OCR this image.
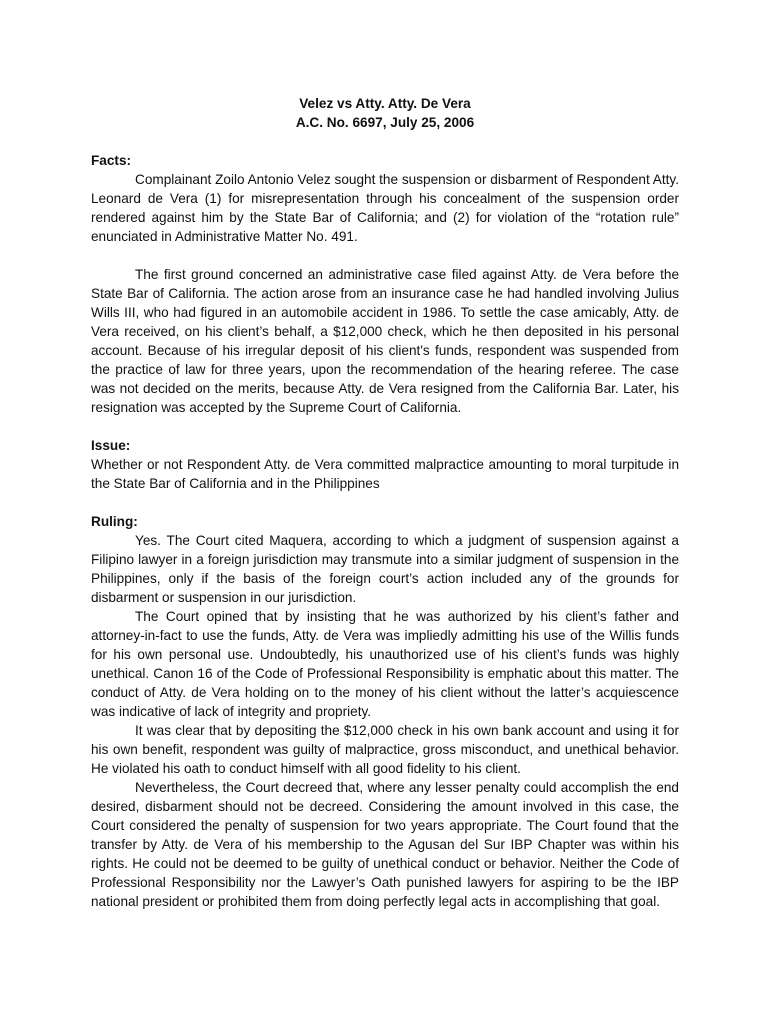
Velez vs Atty. Atty. De Vera
A.C. No. 6697, July 25, 2006
Facts:

Complainant Zoilo Antonio Velez sought the suspension or disbarment of Respondent Atty. Leonard de Vera (1) for misrepresentation through his concealment of the suspension order rendered against him by the State Bar of California; and (2) for violation of the “rotation rule” enunciated in Administrative Matter No. 491.

The first ground concerned an administrative case filed against Atty. de Vera before the State Bar of California. The action arose from an insurance case he had handled involving Julius Wills III, who had figured in an automobile accident in 1986. To settle the case amicably, Atty. de Vera received, on his client’s behalf, a $12,000 check, which he then deposited in his personal account. Because of his irregular deposit of his client's funds, respondent was suspended from the practice of law for three years, upon the recommendation of the hearing referee. The case was not decided on the merits, because Atty. de Vera resigned from the California Bar. Later, his resignation was accepted by the Supreme Court of California.

Issue:

Whether or not Respondent Atty. de Vera committed malpractice amounting to moral turpitude in the State Bar of California and in the Philippines

Ruling:

Yes. The Court cited Maquera, according to which a judgment of suspension against a Filipino lawyer in a foreign jurisdiction may transmute into a similar judgment of suspension in the Philippines, only if the basis of the foreign court’s action included any of the grounds for disbarment or suspension in our jurisdiction.

The Court opined that by insisting that he was authorized by his client’s father and attorney-in-fact to use the funds, Atty. de Vera was impliedly admitting his use of the Willis funds for his own personal use. Undoubtedly, his unauthorized use of his client’s funds was highly unethical. Canon 16 of the Code of Professional Responsibility is emphatic about this matter. The conduct of Atty. de Vera holding on to the money of his client without the latter’s acquiescence was indicative of lack of integrity and propriety.

It was clear that by depositing the $12,000 check in his own bank account and using it for his own benefit, respondent was guilty of malpractice, gross misconduct, and unethical behavior. He violated his oath to conduct himself with all good fidelity to his client.

Nevertheless, the Court decreed that, where any lesser penalty could accomplish the end desired, disbarment should not be decreed. Considering the amount involved in this case, the Court considered the penalty of suspension for two years appropriate. The Court found that the transfer by Atty. de Vera of his membership to the Agusan del Sur IBP Chapter was within his rights. He could not be deemed to be guilty of unethical conduct or behavior. Neither the Code of Professional Responsibility nor the Lawyer’s Oath punished lawyers for aspiring to be the IBP national president or prohibited them from doing perfectly legal acts in accomplishing that goal.
